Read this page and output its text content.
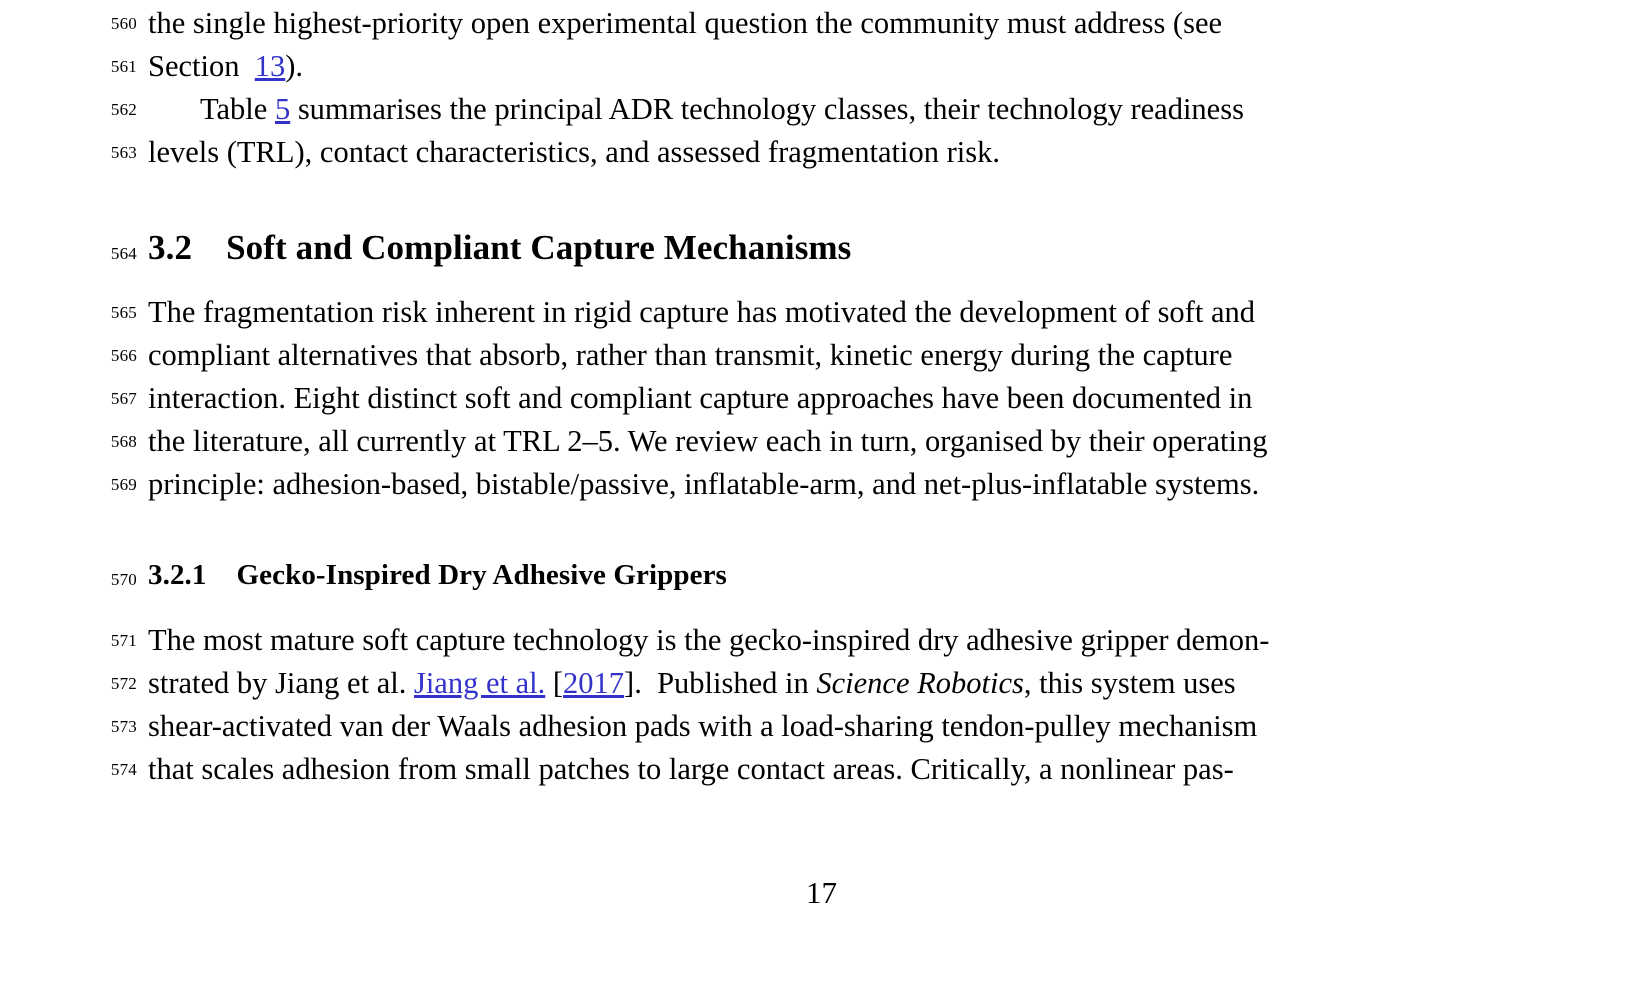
560 the single highest-priority open experimental question the community must address (see
561 Section 13).
562 Table 5 summarises the principal ADR technology classes, their technology readiness
563 levels (TRL), contact characteristics, and assessed fragmentation risk.
564 3.2 Soft and Compliant Capture Mechanisms
565 The fragmentation risk inherent in rigid capture has motivated the development of soft and
566 compliant alternatives that absorb, rather than transmit, kinetic energy during the capture
567 interaction. Eight distinct soft and compliant capture approaches have been documented in
568 the literature, all currently at TRL 2–5. We review each in turn, organised by their operating
569 principle: adhesion-based, bistable/passive, inflatable-arm, and net-plus-inflatable systems.
570 3.2.1 Gecko-Inspired Dry Adhesive Grippers
571 The most mature soft capture technology is the gecko-inspired dry adhesive gripper demon-
572 strated by Jiang et al. Jiang et al. [2017]. Published in Science Robotics, this system uses
573 shear-activated van der Waals adhesion pads with a load-sharing tendon-pulley mechanism
574 that scales adhesion from small patches to large contact areas. Critically, a nonlinear pas-
17
